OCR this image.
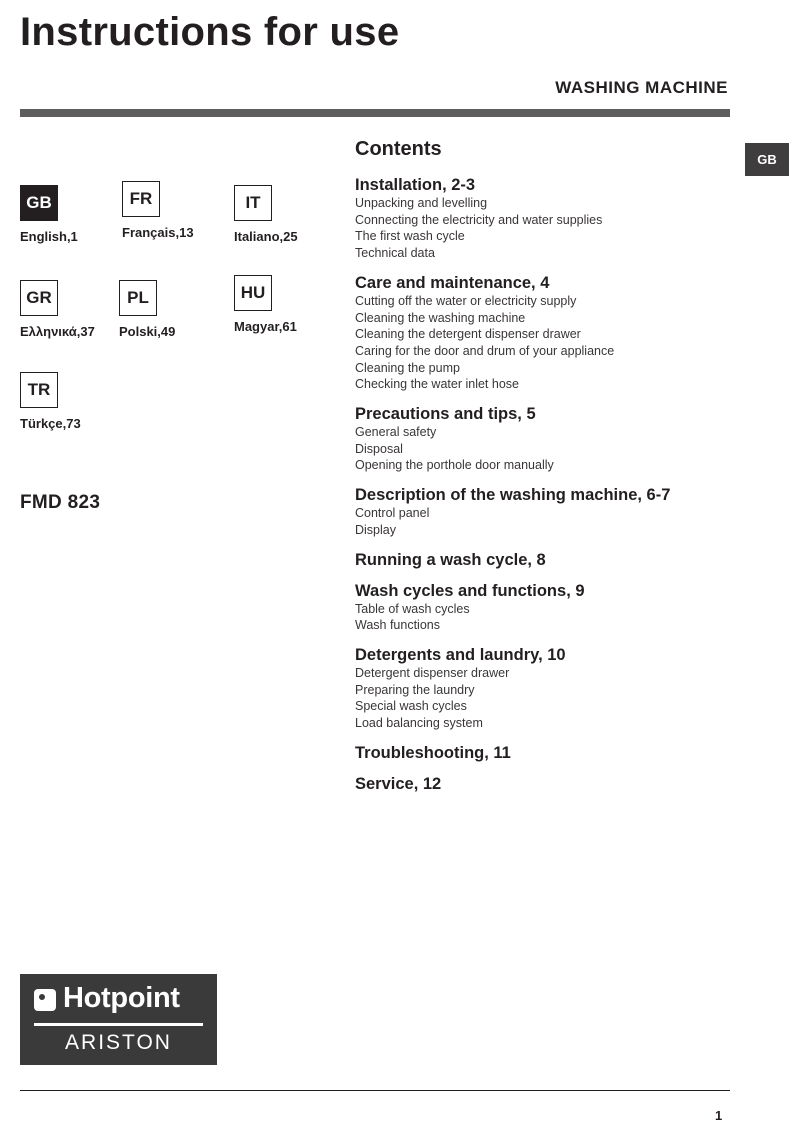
Instructions for use
WASHING MACHINE
GB
GB
English,1
FR
Français,13
IT
Italiano,25
GR
Ελληνικά,37
PL
Polski,49
HU
Magyar,61
TR
Türkçe,73
FMD 823
Contents
Installation, 2-3
Unpacking and levelling
Connecting the electricity and water supplies
The first wash cycle
Technical data
Care and maintenance, 4
Cutting off the water or electricity supply
Cleaning the washing machine
Cleaning the detergent dispenser drawer
Caring for the door and drum of your appliance
Cleaning the pump
Checking the water inlet hose
Precautions and tips, 5
General safety
Disposal
Opening the porthole door manually
Description of the washing machine, 6-7
Control panel
Display
Running a wash cycle, 8
Wash cycles and functions, 9
Table of wash cycles
Wash functions
Detergents and laundry, 10
Detergent dispenser drawer
Preparing the laundry
Special wash cycles
Load balancing system
Troubleshooting, 11
Service, 12
Hotpoint
ARISTON
1
